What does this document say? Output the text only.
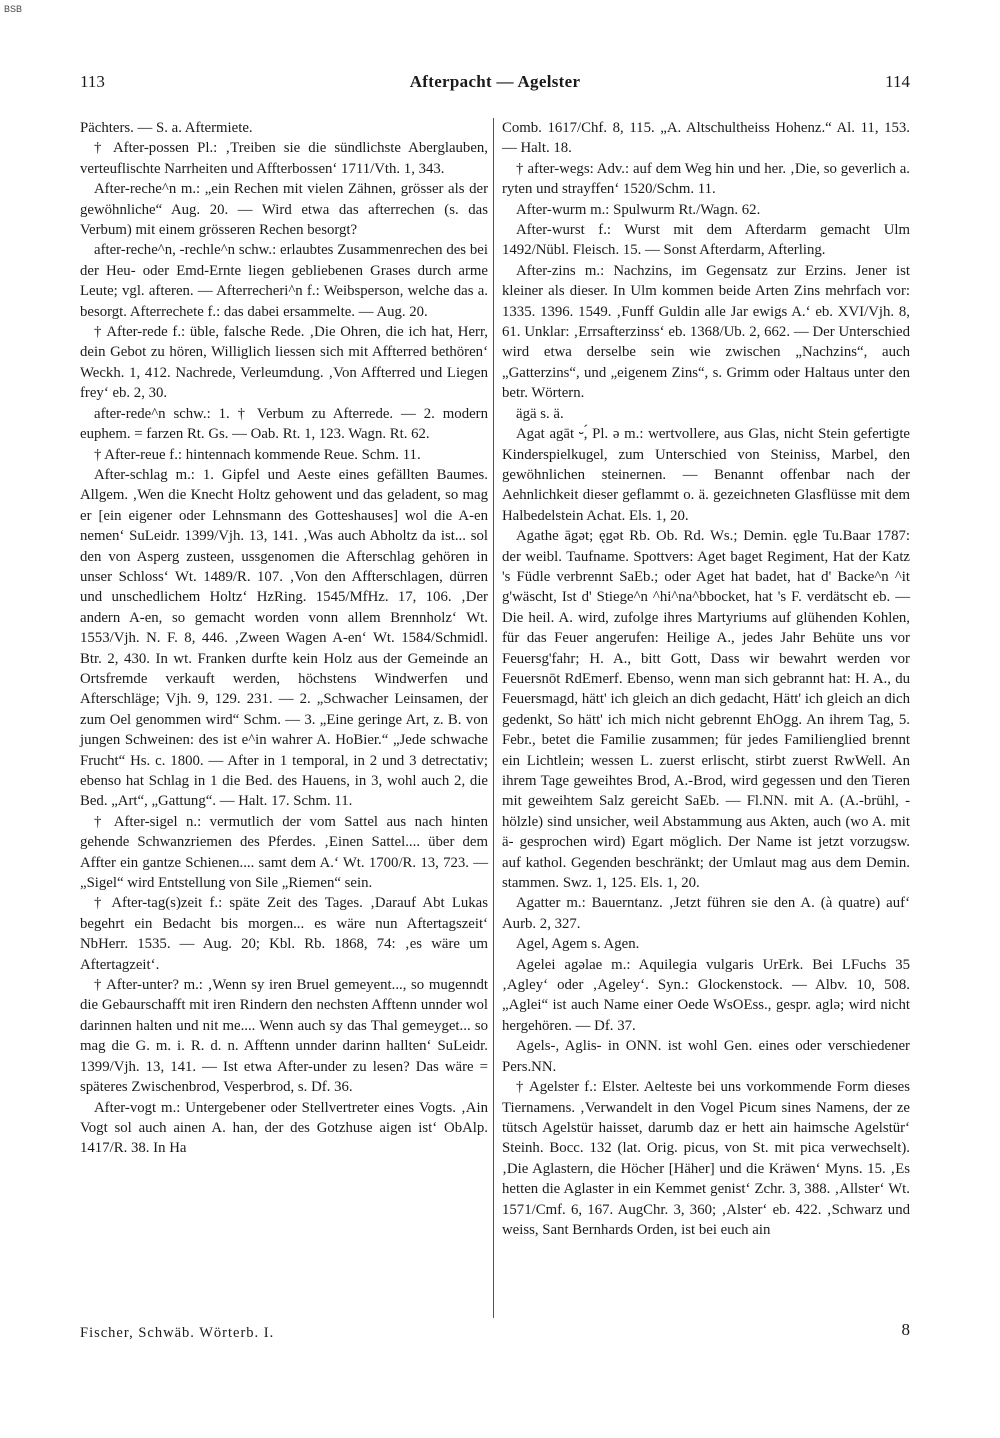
BSB
113	Afterpacht — Agelster	114

Pächters. — S. a. Aftermiete.

† After-possen Pl.: ‚Treiben sie die sündlichste Aberglauben, verteuflischte Narrheiten und Affterbossen‘ 1711/Vth. 1, 343.

After-reche^n m.: „ein Rechen mit vielen Zähnen, grösser als der gewöhnliche“ Aug. 20. — Wird etwa das afterrechen (s. das Verbum) mit einem grösseren Rechen besorgt?

after-reche^n, -rechle^n schw.: erlaubtes Zusammenrechen des bei der Heu- oder Emd-Ernte liegen gebliebenen Grases durch arme Leute; vgl. afteren. — Afterrecheri^n f.: Weibsperson, welche das a. besorgt. Afterrechete f.: das dabei ersammelte. — Aug. 20.

† After-rede f.: üble, falsche Rede. ‚Die Ohren, die ich hat, Herr, dein Gebot zu hören, Williglich liessen sich mit Affterred bethören‘ Weckh. 1, 412. Nachrede, Verleumdung. ‚Von Affterred und Liegen frey‘ eb. 2, 30.

after-rede^n schw.: 1. † Verbum zu Afterrede. — 2. modern euphem. = farzen Rt. Gs. — Oab. Rt. 1, 123. Wagn. Rt. 62.

† After-reue f.: hintennach kommende Reue. Schm. 11.

After-schlag m.: 1. Gipfel und Aeste eines gefällten Baumes. Allgem. ‚Wen die Knecht Holtz gehowent und das geladent, so mag er [ein eigener oder Lehnsmann des Gotteshauses] wol die A-en nemen‘ SuLeidr. 1399/Vjh. 13, 141. ‚Was auch Abholtz da ist... sol den von Asperg zusteen, ussgenomen die Afterschlag gehören in unser Schloss‘ Wt. 1489/R. 107. ‚Von den Affterschlagen, dürren und unschedlichem Holtz‘ HzRing. 1545/MfHz. 17, 106. ‚Der andern A-en, so gemacht worden vonn allem Brennholz‘ Wt. 1553/Vjh. N. F. 8, 446. ‚Zween Wagen A-en‘ Wt. 1584/Schmidl. Btr. 2, 430. In wt. Franken durfte kein Holz aus der Gemeinde an Ortsfremde verkauft werden, höchstens Windwerfen und Afterschläge; Vjh. 9, 129. 231. — 2. „Schwacher Leinsamen, der zum Oel genommen wird“ Schm. — 3. „Eine geringe Art, z. B. von jungen Schweinen: des ist e^in wahrer A. HoBier.“ „Jede schwache Frucht“ Hs. c. 1800. — After in 1 temporal, in 2 und 3 detrectativ; ebenso hat Schlag in 1 die Bed. des Hauens, in 3, wohl auch 2, die Bed. „Art“, „Gattung“. — Halt. 17. Schm. 11.

† After-sigel n.: vermutlich der vom Sattel aus nach hinten gehende Schwanzriemen des Pferdes. ‚Einen Sattel.... über dem Affter ein gantze Schienen.... samt dem A.‘ Wt. 1700/R. 13, 723. — „Sigel“ wird Entstellung von Sile „Riemen“ sein.

† After-tag(s)zeit f.: späte Zeit des Tages. ‚Darauf Abt Lukas begehrt ein Bedacht bis morgen... es wäre nun Aftertagszeit‘ NbHerr. 1535. — Aug. 20; Kbl. Rb. 1868, 74: ‚es wäre um Aftertagzeit‘.

† After-unter? m.: ‚Wenn sy iren Bruel gemeyent..., so mugenndt die Gebaurschafft mit iren Rindern den nechsten Afftenn unnder wol darinnen halten und nit me.... Wenn auch sy das Thal gemeyget... so mag die G. m. i. R. d. n. Afftenn unnder darinn hallten‘ SuLeidr. 1399/Vjh. 13, 141. — Ist etwa After-under zu lesen? Das wäre = späteres Zwischenbrod, Vesperbrod, s. Df. 36.

After-vogt m.: Untergebener oder Stellvertreter eines Vogts. ‚Ain Vogt sol auch ainen A. han, der des Gotzhuse aigen ist‘ ObAlp. 1417/R. 38. In Ha

Comb. 1617/Chf. 8, 115. „A. Altschultheiss Hohenz.“ Al. 11, 153. — Halt. 18.

† after-wegs: Adv.: auf dem Weg hin und her. ‚Die, so geverlich a. ryten und strayffen‘ 1520/Schm. 11.

After-wurm m.: Spulwurm Rt./Wagn. 62.

After-wurst f.: Wurst mit dem Afterdarm gemacht Ulm 1492/Nübl. Fleisch. 15. — Sonst Afterdarm, Afterling.

After-zins m.: Nachzins, im Gegensatz zur Erzins. Jener ist kleiner als dieser. In Ulm kommen beide Arten Zins mehrfach vor: 1335. 1396. 1549. ‚Funff Guldin alle Jar ewigs A.‘ eb. XVI/Vjh. 8, 61. Unklar: ‚Errsafterzinss‘ eb. 1368/Ub. 2, 662. — Der Unterschied wird etwa derselbe sein wie zwischen „Nachzins“, auch „Gatterzins“, und „eigenem Zins“, s. Grimm oder Haltaus unter den betr. Wörtern.

ägä s. ä.

Agat agāt ⏑,́ Pl. ə m.: wertvollere, aus Glas, nicht Stein gefertigte Kinderspielkugel, zum Unterschied von Steiniss, Marbel, den gewöhnlichen steinernen. — Benannt offenbar nach der Aehnlichkeit dieser geflammt o. ä. gezeichneten Glasflüsse mit dem Halbedelstein Achat. Els. 1, 20.

Agathe āgət; ęgət Rb. Ob. Rd. Ws.; Demin. ęgle Tu.Baar 1787: der weibl. Taufname. Spottvers: Aget baget Regiment, Hat der Katz 's Füdle verbrennt SaEb.; oder Aget hat badet, hat d' Backe^n ^it g'wäscht, Ist d' Stiege^n ^hi^na^bbocket, hat 's F. verdätscht eb. — Die heil. A. wird, zufolge ihres Martyriums auf glühenden Kohlen, für das Feuer angerufen: Heilige A., jedes Jahr Behüte uns vor Feuersg'fahr; H. A., bitt Gott, Dass wir bewahrt werden vor Feuersnōt RdEmerf. Ebenso, wenn man sich gebrannt hat: H. A., du Feuersmagd, hätt' ich gleich an dich gedacht, Hätt' ich gleich an dich gedenkt, So hätt' ich mich nicht gebrennt EhOgg. An ihrem Tag, 5. Febr., betet die Familie zusammen; für jedes Familienglied brennt ein Lichtlein; wessen L. zuerst erlischt, stirbt zuerst RwWell. An ihrem Tage geweihtes Brod, A.-Brod, wird gegessen und den Tieren mit geweihtem Salz gereicht SaEb. — Fl.NN. mit A. (A.-brühl, -hölzle) sind unsicher, weil Abstammung aus Akten, auch (wo A. mit ä- gesprochen wird) Egart möglich. Der Name ist jetzt vorzugsw. auf kathol. Gegenden beschränkt; der Umlaut mag aus dem Demin. stammen. Swz. 1, 125. Els. 1, 20.

Agatter m.: Bauerntanz. ‚Jetzt führen sie den A. (à quatre) auf‘ Aurb. 2, 327.

Agel, Agem s. Agen.

Agelei agəlae m.: Aquilegia vulgaris UrErk. Bei LFuchs 35 ‚Agley‘ oder ‚Ageley‘. Syn.: Glockenstock. — Albv. 10, 508. „Aglei“ ist auch Name einer Oede WsOEss., gespr. aglə; wird nicht hergehören. — Df. 37.

Agels-, Aglis- in ONN. ist wohl Gen. eines oder verschiedener Pers.NN.

† Agelster f.: Elster. Aelteste bei uns vorkommende Form dieses Tiernamens. ‚Verwandelt in den Vogel Picum sines Namens, der ze tütsch Agelstür haisset, darumb daz er hett ain haimsche Agelstür‘ Steinh. Bocc. 132 (lat. Orig. picus, von St. mit pica verwechselt). ‚Die Aglastern, die Höcher [Häher] und die Kräwen‘ Myns. 15. ‚Es hetten die Aglaster in ein Kemmet genist‘ Zchr. 3, 388. ‚Allster‘ Wt. 1571/Cmf. 6, 167. AugChr. 3, 360; ‚Alster‘ eb. 422. ‚Schwarz und weiss, Sant Bernhards Orden, ist bei euch ain

Fischer, Schwäb. Wörterb. I.	8
